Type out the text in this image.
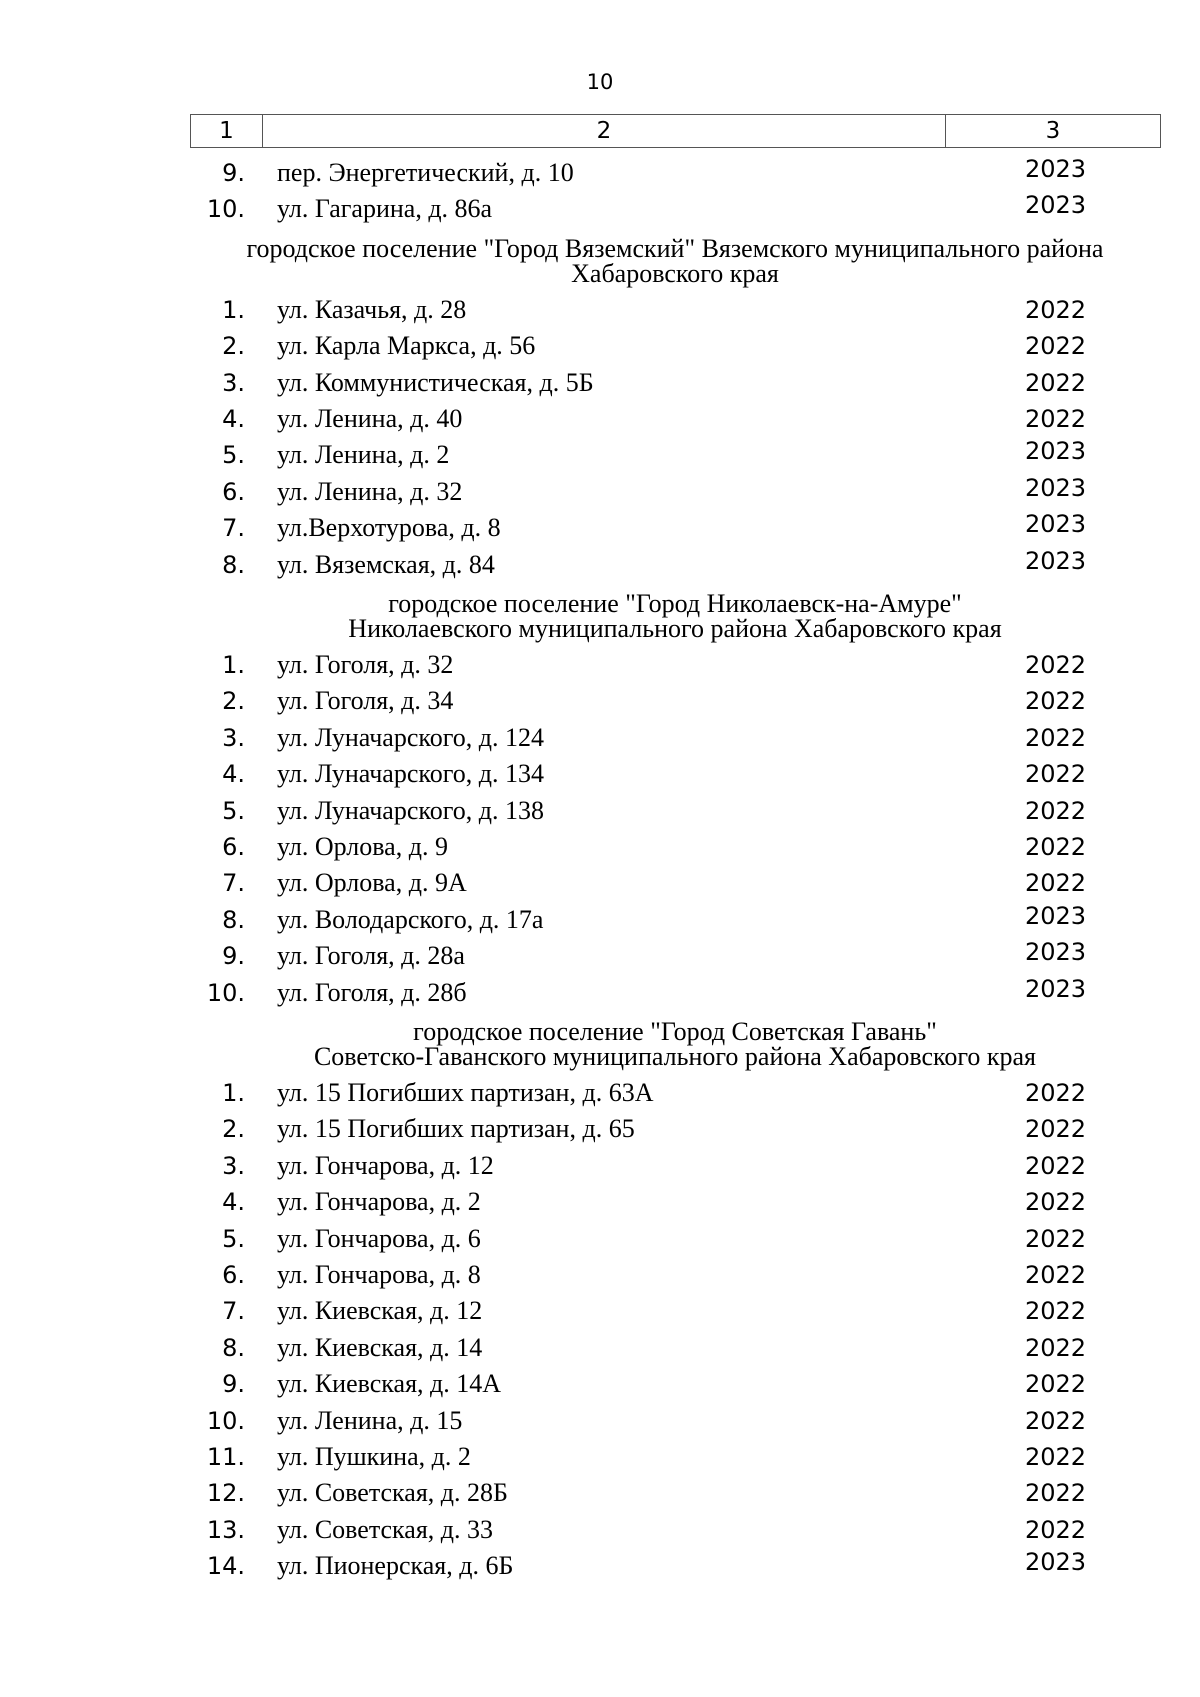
10
1	2	3
9. пер. Энергетический, д. 10	2023
10. ул. Гагарина, д. 86а	2023
городское поселение "Город Вяземский" Вяземского муниципального района
Хабаровского края
1. ул. Казачья, д. 28	2022
2. ул. Карла Маркса, д. 56	2022
3. ул. Коммунистическая, д. 5Б	2022
4. ул. Ленина, д. 40	2022
5. ул. Ленина, д. 2	2023
6. ул. Ленина, д. 32	2023
7. ул.Верхотурова, д. 8	2023
8. ул. Вяземская, д. 84	2023
городское поселение "Город Николаевск-на-Амуре"
Николаевского муниципального района Хабаровского края
1. ул. Гоголя, д. 32	2022
2. ул. Гоголя, д. 34	2022
3. ул. Луначарского, д. 124	2022
4. ул. Луначарского, д. 134	2022
5. ул. Луначарского, д. 138	2022
6. ул. Орлова, д. 9	2022
7. ул. Орлова, д. 9А	2022
8. ул. Володарского, д. 17а	2023
9. ул. Гоголя, д. 28а	2023
10. ул. Гоголя, д. 28б	2023
городское поселение "Город Советская Гавань"
Советско-Гаванского муниципального района Хабаровского края
1. ул. 15 Погибших партизан, д. 63А	2022
2. ул. 15 Погибших партизан, д. 65	2022
3. ул. Гончарова, д. 12	2022
4. ул. Гончарова, д. 2	2022
5. ул. Гончарова, д. 6	2022
6. ул. Гончарова, д. 8	2022
7. ул. Киевская, д. 12	2022
8. ул. Киевская, д. 14	2022
9. ул. Киевская, д. 14А	2022
10. ул. Ленина, д. 15	2022
11. ул. Пушкина, д. 2	2022
12. ул. Советская, д. 28Б	2022
13. ул. Советская, д. 33	2022
14. ул. Пионерская, д. 6Б	2023
